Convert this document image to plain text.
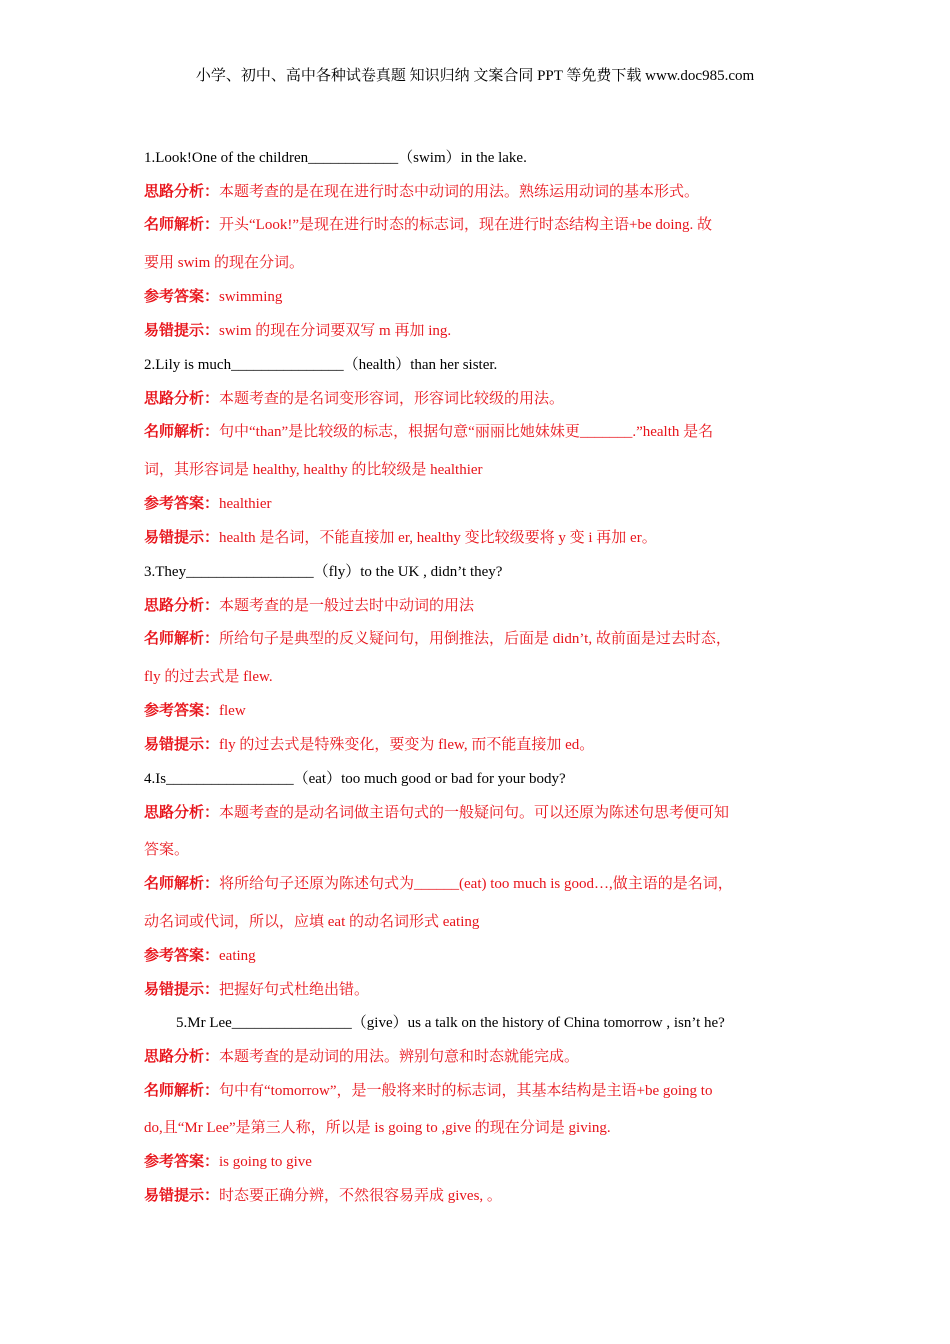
小学、初中、高中各种试卷真题 知识归纳 文案合同 PPT 等免费下载 www.doc985.com
1.Look!One of the children____________（swim）in the lake.
思路分析：本题考查的是在现在进行时态中动词的用法。熟练运用动词的基本形式。
名师解析：开头“Look!”是现在进行时态的标志词，现在进行时态结构主语+be doing. 故
要用 swim 的现在分词。
参考答案：swimming
易错提示：swim 的现在分词要双写 m 再加 ing.
2.Lily is much_______________（health）than her sister.
思路分析：本题考查的是名词变形容词，形容词比较级的用法。
名师解析：句中“than”是比较级的标志，根据句意“丽丽比她妹妹更_______.”health 是名
词，其形容词是 healthy, healthy 的比较级是 healthier
参考答案：healthier
易错提示：health 是名词，不能直接加 er, healthy 变比较级要将 y 变 i 再加 er。
3.They_________________（fly）to the UK , didn’t they?
思路分析：本题考查的是一般过去时中动词的用法
名师解析：所给句子是典型的反义疑问句，用倒推法，后面是 didn’t, 故前面是过去时态，
fly 的过去式是 flew.
参考答案：flew
易错提示：fly 的过去式是特殊变化，要变为 flew, 而不能直接加 ed。
4.Is_________________（eat）too much good or bad for your body?
思路分析：本题考查的是动名词做主语句式的一般疑问句。可以还原为陈述句思考便可知
答案。
名师解析：将所给句子还原为陈述句式为______(eat) too much is good…,做主语的是名词，
动名词或代词，所以，应填 eat 的动名词形式 eating
参考答案：eating
易错提示：把握好句式杜绝出错。
5.Mr Lee________________（give）us a talk on the history of China tomorrow , isn’t he?
思路分析：本题考查的是动词的用法。辨别句意和时态就能完成。
名师解析：句中有“tomorrow”，是一般将来时的标志词，其基本结构是主语+be going to
do,且“Mr Lee”是第三人称，所以是 is going to ,give 的现在分词是 giving.
参考答案：is going to give
易错提示：时态要正确分辨，不然很容易弄成 gives, 。
